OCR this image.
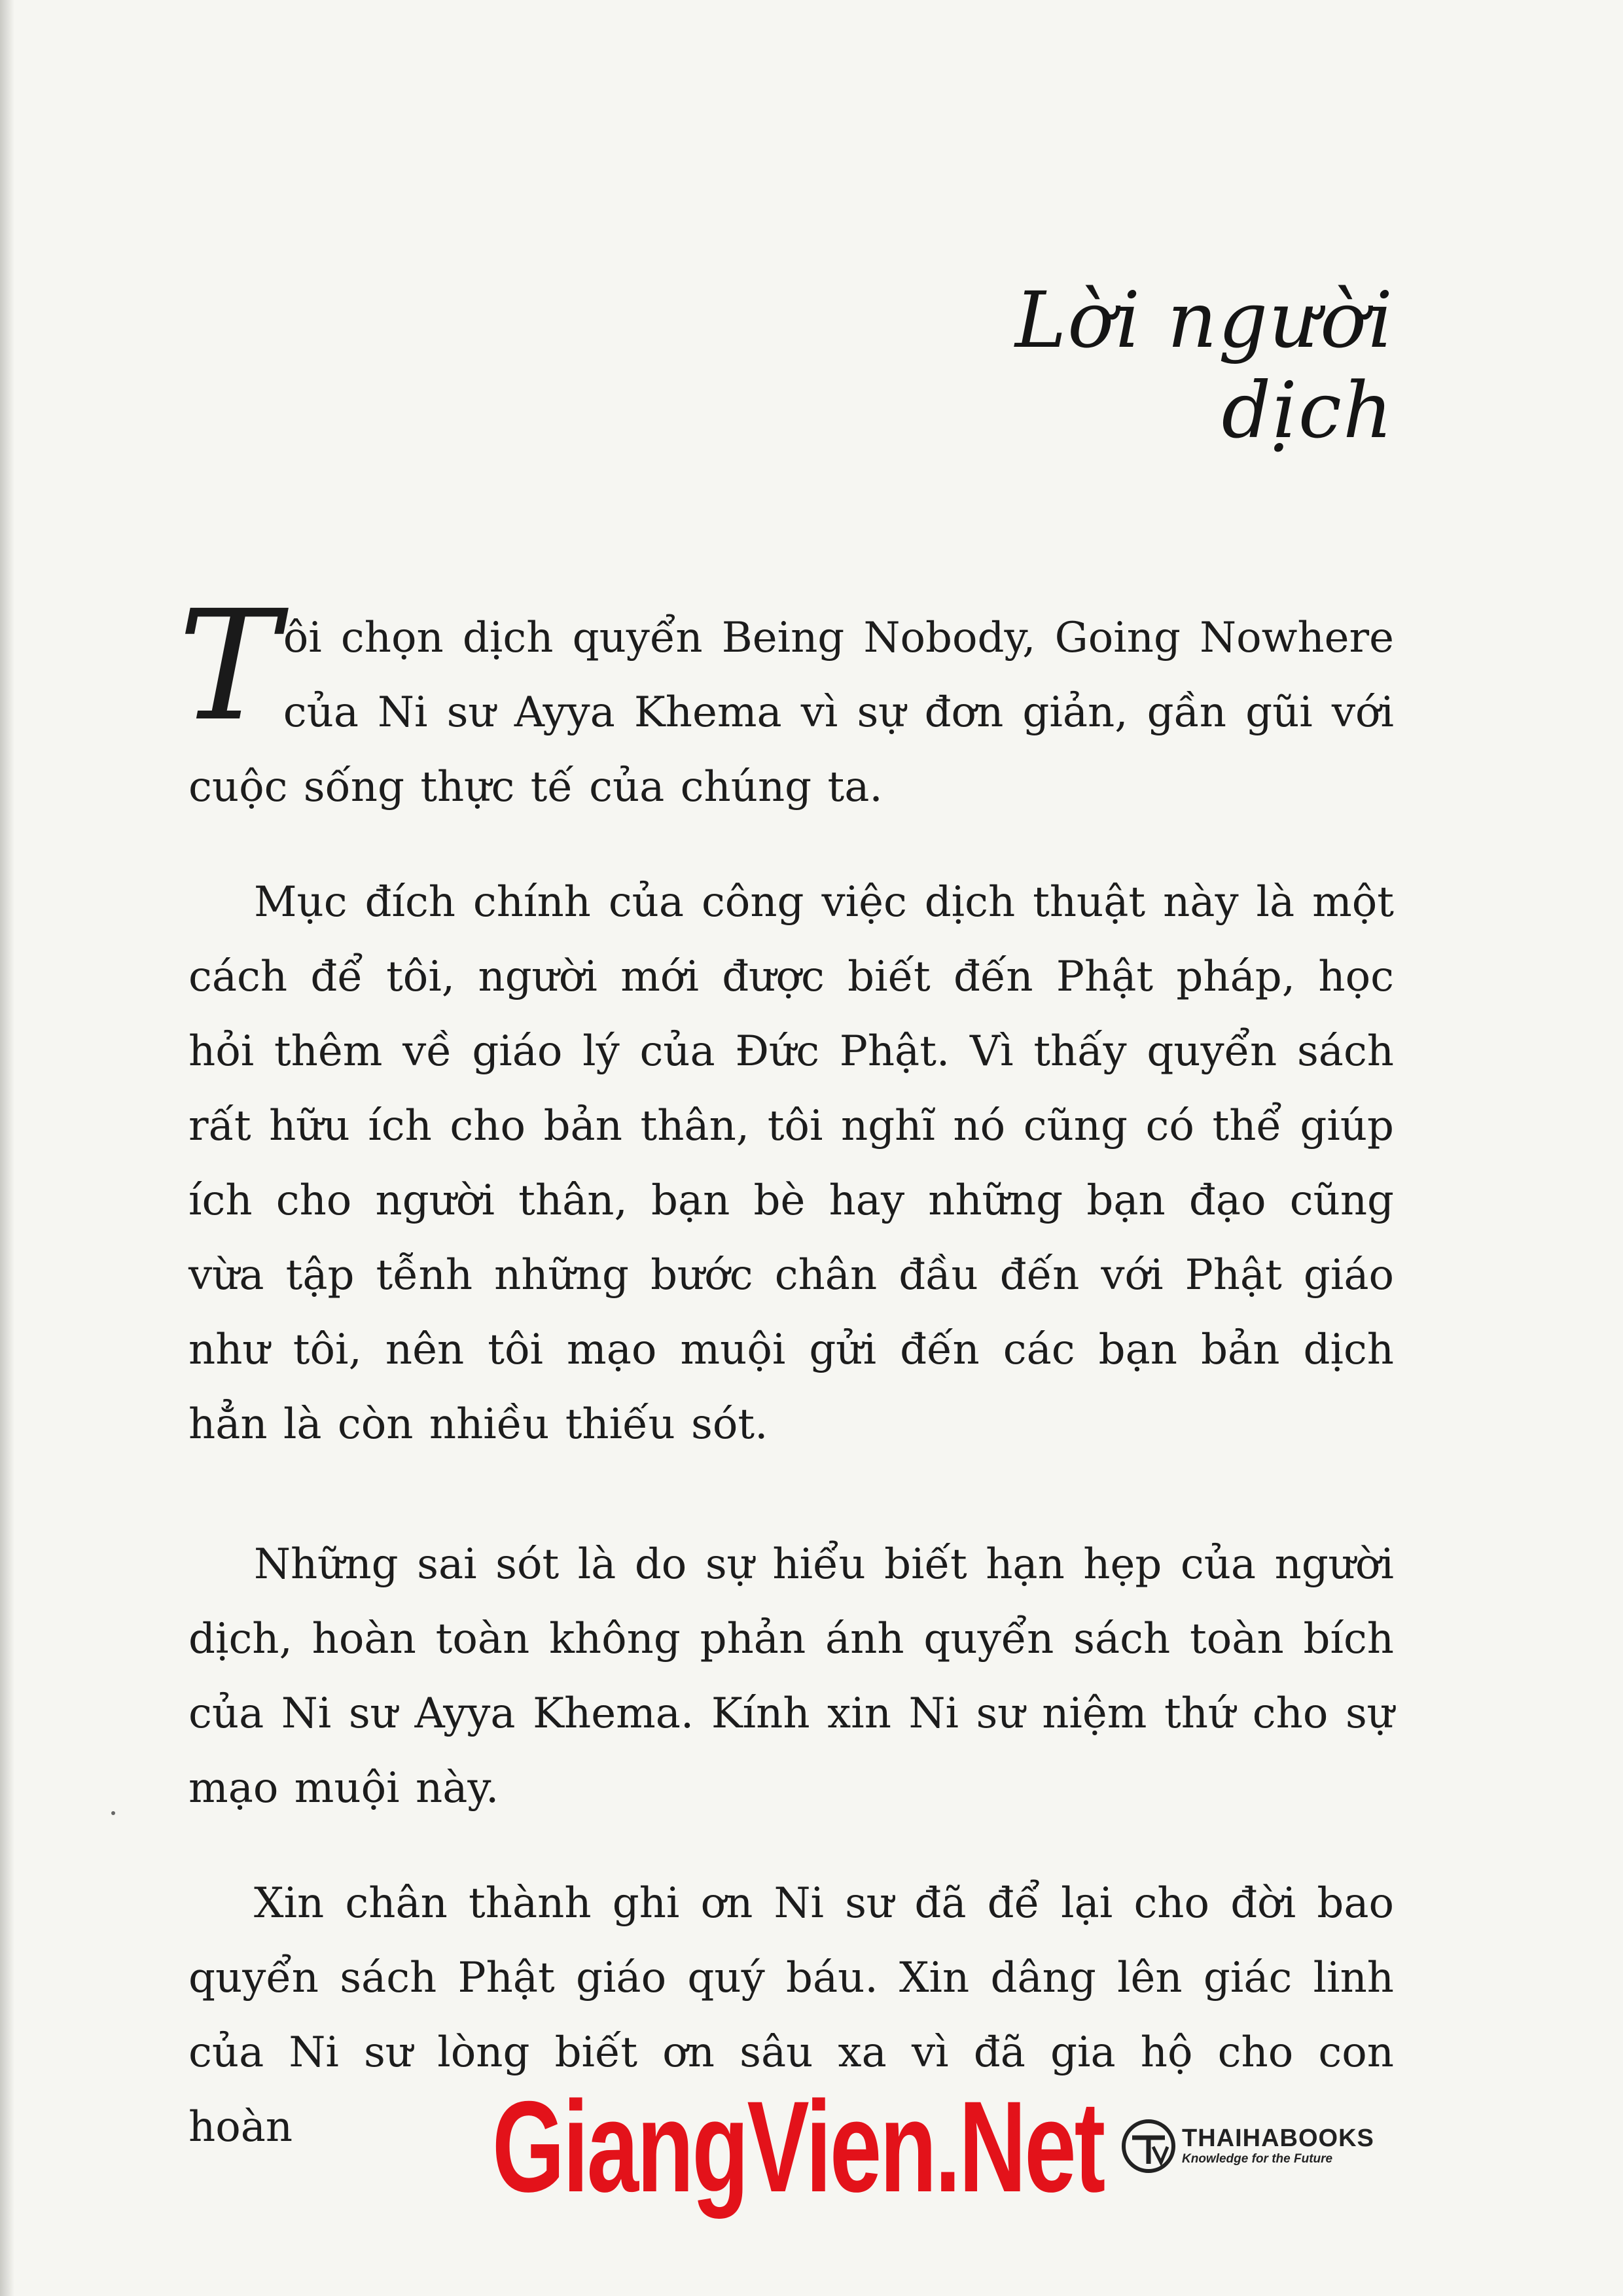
Lời người dịch

Tôi chọn dịch quyển Being Nobody, Going Nowhere của Ni sư Ayya Khema vì sự đơn giản, gần gũi với cuộc sống thực tế của chúng ta.

Mục đích chính của công việc dịch thuật này là một cách để tôi, người mới được biết đến Phật pháp, học hỏi thêm về giáo lý của Đức Phật. Vì thấy quyển sách rất hữu ích cho bản thân, tôi nghĩ nó cũng có thể giúp ích cho người thân, bạn bè hay những bạn đạo cũng vừa tập tễnh những bước chân đầu đến với Phật giáo như tôi, nên tôi mạo muội gửi đến các bạn bản dịch hẳn là còn nhiều thiếu sót.

Những sai sót là do sự hiểu biết hạn hẹp của người dịch, hoàn toàn không phản ánh quyển sách toàn bích của Ni sư Ayya Khema. Kính xin Ni sư niệm thứ cho sự mạo muội này.

Xin chân thành ghi ơn Ni sư đã để lại cho đời bao quyển sách Phật giáo quý báu. Xin dâng lên giác linh của Ni sư lòng biết ơn sâu xa vì đã gia hộ cho con hoàn	GiangVien.Net	THAIHABOOKS
Knowledge for the Future
